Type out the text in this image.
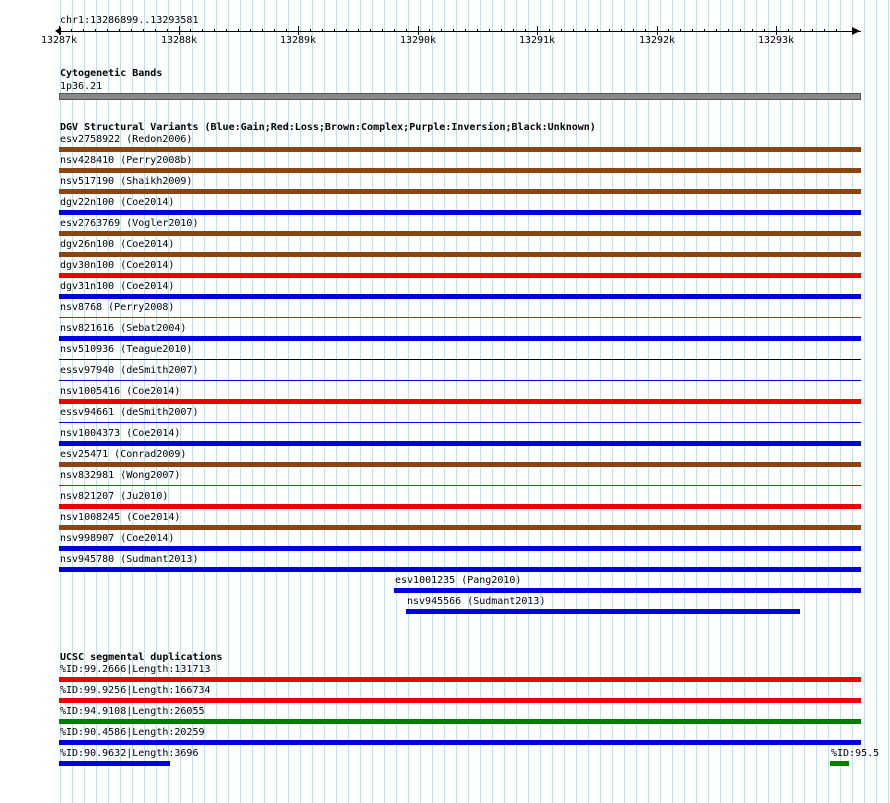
chr1:13286899..13293581
13287k	13288k	13289k	13290k	13291k	13292k	13293k
Cytogenetic Bands
1p36.21
DGV Structural Variants (Blue:Gain;Red:Loss;Brown:Complex;Purple:Inversion;Black:Unknown)
esv2758922 (Redon2006)
nsv428410 (Perry2008b)
nsv517190 (Shaikh2009)
dgv22n100 (Coe2014)
esv2763769 (Vogler2010)
dgv26n100 (Coe2014)
dgv30n100 (Coe2014)
dgv31n100 (Coe2014)
nsv8768 (Perry2008)
nsv821616 (Sebat2004)
nsv510936 (Teague2010)
essv97940 (deSmith2007)
nsv1005416 (Coe2014)
essv94661 (deSmith2007)
nsv1004373 (Coe2014)
esv25471 (Conrad2009)
nsv832981 (Wong2007)
nsv821207 (Ju2010)
nsv1008245 (Coe2014)
nsv998907 (Coe2014)
nsv945780 (Sudmant2013)
esv1001235 (Pang2010)
nsv945566 (Sudmant2013)
UCSC segmental duplications
%ID:99.2666|Length:131713
%ID:99.9256|Length:166734
%ID:94.9108|Length:26055
%ID:90.4586|Length:20259
%ID:90.9632|Length:3696	%ID:95.5
